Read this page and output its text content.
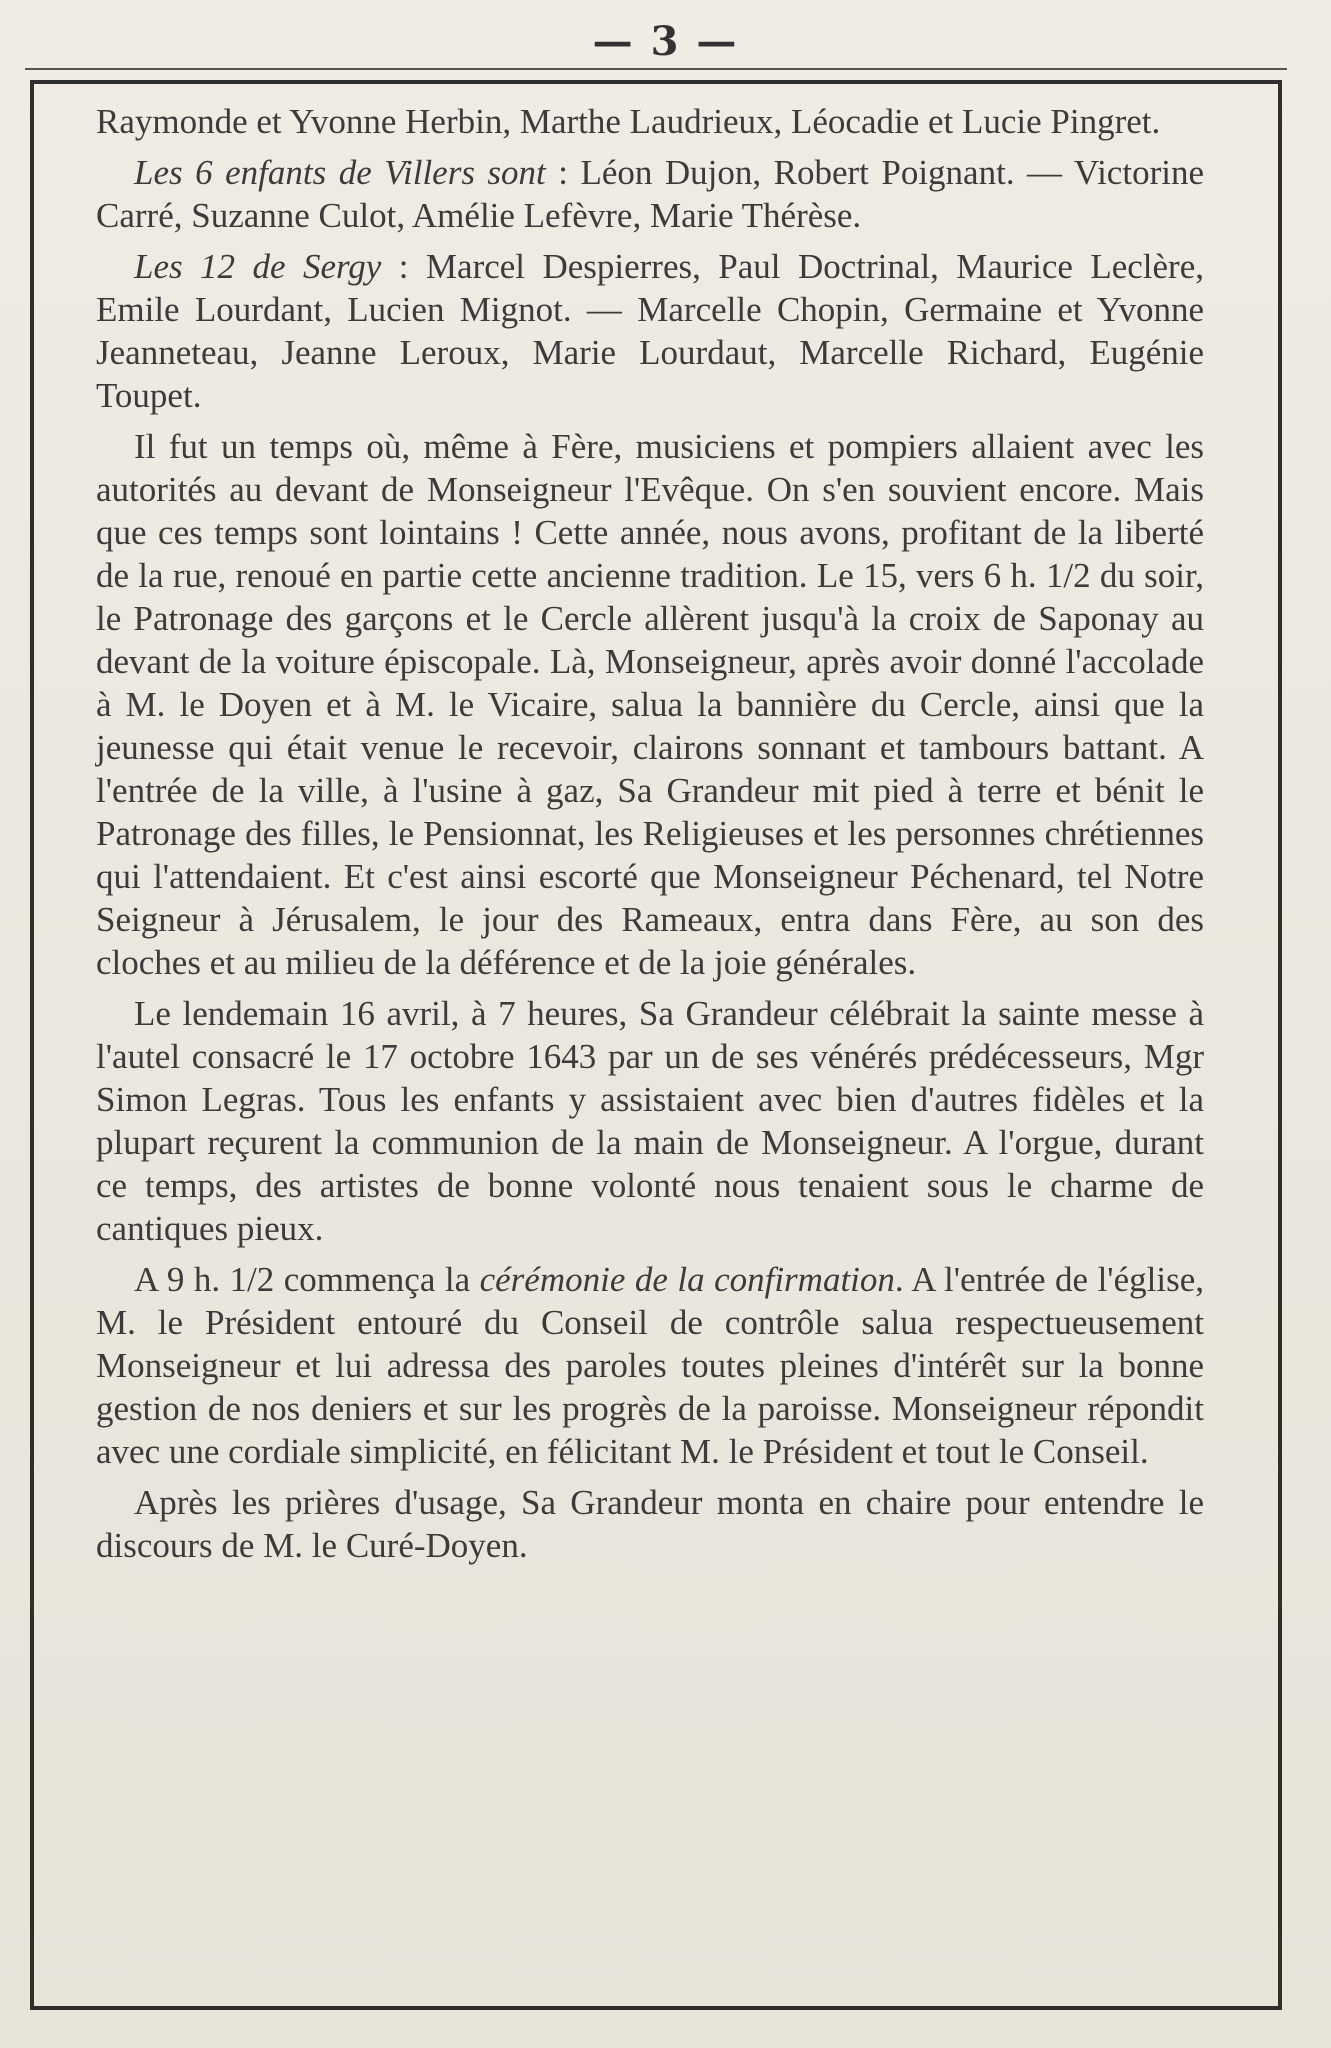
— 3 —

Raymonde et Yvonne Herbin, Marthe Laudrieux, Léocadie et Lucie Pingret.

Les 6 enfants de Villers sont : Léon Dujon, Robert Poignant. — Victorine Carré, Suzanne Culot, Amélie Lefèvre, Marie Thérèse.

Les 12 de Sergy : Marcel Despierres, Paul Doctrinal, Maurice Leclère, Emile Lourdant, Lucien Mignot. — Marcelle Chopin, Germaine et Yvonne Jeanneteau, Jeanne Leroux, Marie Lourdaut, Marcelle Richard, Eugénie Toupet.

Il fut un temps où, même à Fère, musiciens et pompiers allaient avec les autorités au devant de Monseigneur l'Evêque. On s'en souvient encore. Mais que ces temps sont lointains ! Cette année, nous avons, profitant de la liberté de la rue, renoué en partie cette ancienne tradition. Le 15, vers 6 h. 1/2 du soir, le Patronage des garçons et le Cercle allèrent jusqu'à la croix de Saponay au devant de la voiture épiscopale. Là, Monseigneur, après avoir donné l'accolade à M. le Doyen et à M. le Vicaire, salua la bannière du Cercle, ainsi que la jeunesse qui était venue le recevoir, clairons sonnant et tambours battant. A l'entrée de la ville, à l'usine à gaz, Sa Grandeur mit pied à terre et bénit le Patronage des filles, le Pensionnat, les Religieuses et les personnes chrétiennes qui l'attendaient. Et c'est ainsi escorté que Monseigneur Péchenard, tel Notre Seigneur à Jérusalem, le jour des Rameaux, entra dans Fère, au son des cloches et au milieu de la déférence et de la joie générales.

Le lendemain 16 avril, à 7 heures, Sa Grandeur célébrait la sainte messe à l'autel consacré le 17 octobre 1643 par un de ses vénérés prédécesseurs, Mgr Simon Legras. Tous les enfants y assistaient avec bien d'autres fidèles et la plupart reçurent la communion de la main de Monseigneur. A l'orgue, durant ce temps, des artistes de bonne volonté nous tenaient sous le charme de cantiques pieux.

A 9 h. 1/2 commença la cérémonie de la confirmation. A l'entrée de l'église, M. le Président entouré du Conseil de contrôle salua respectueusement Monseigneur et lui adressa des paroles toutes pleines d'intérêt sur la bonne gestion de nos deniers et sur les progrès de la paroisse. Monseigneur répondit avec une cordiale simplicité, en félicitant M. le Président et tout le Conseil.

Après les prières d'usage, Sa Grandeur monta en chaire pour entendre le discours de M. le Curé-Doyen.
